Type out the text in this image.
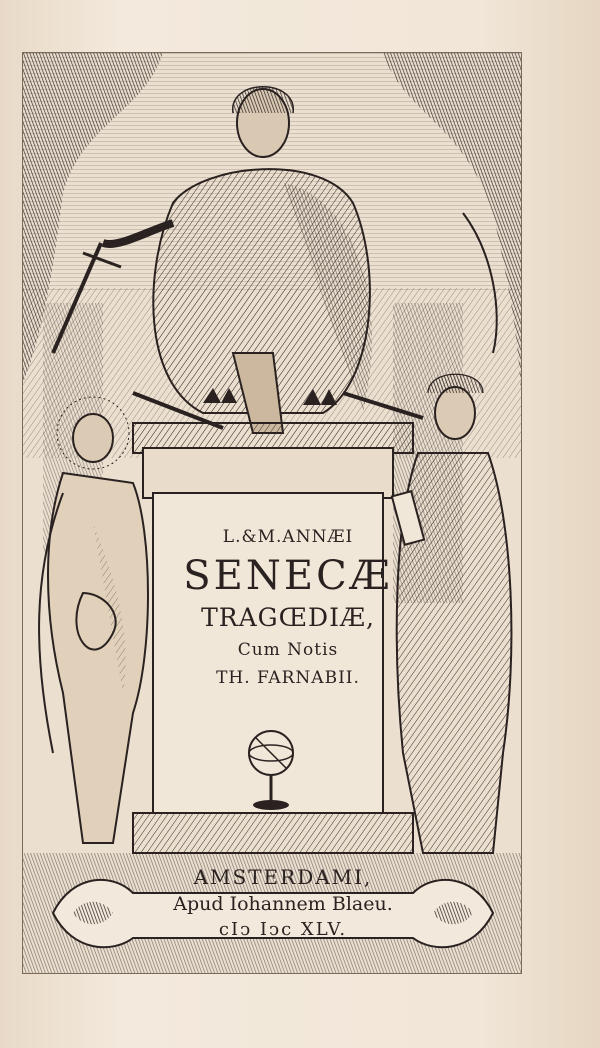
L.&M.ANNÆI
SENECÆ
TRAGŒDIÆ,
Cum Notis
TH. FARNABII.
AMSTERDAMI,
Apud Iohannem Blaeu.
cIↄ Iↄc XLV.
